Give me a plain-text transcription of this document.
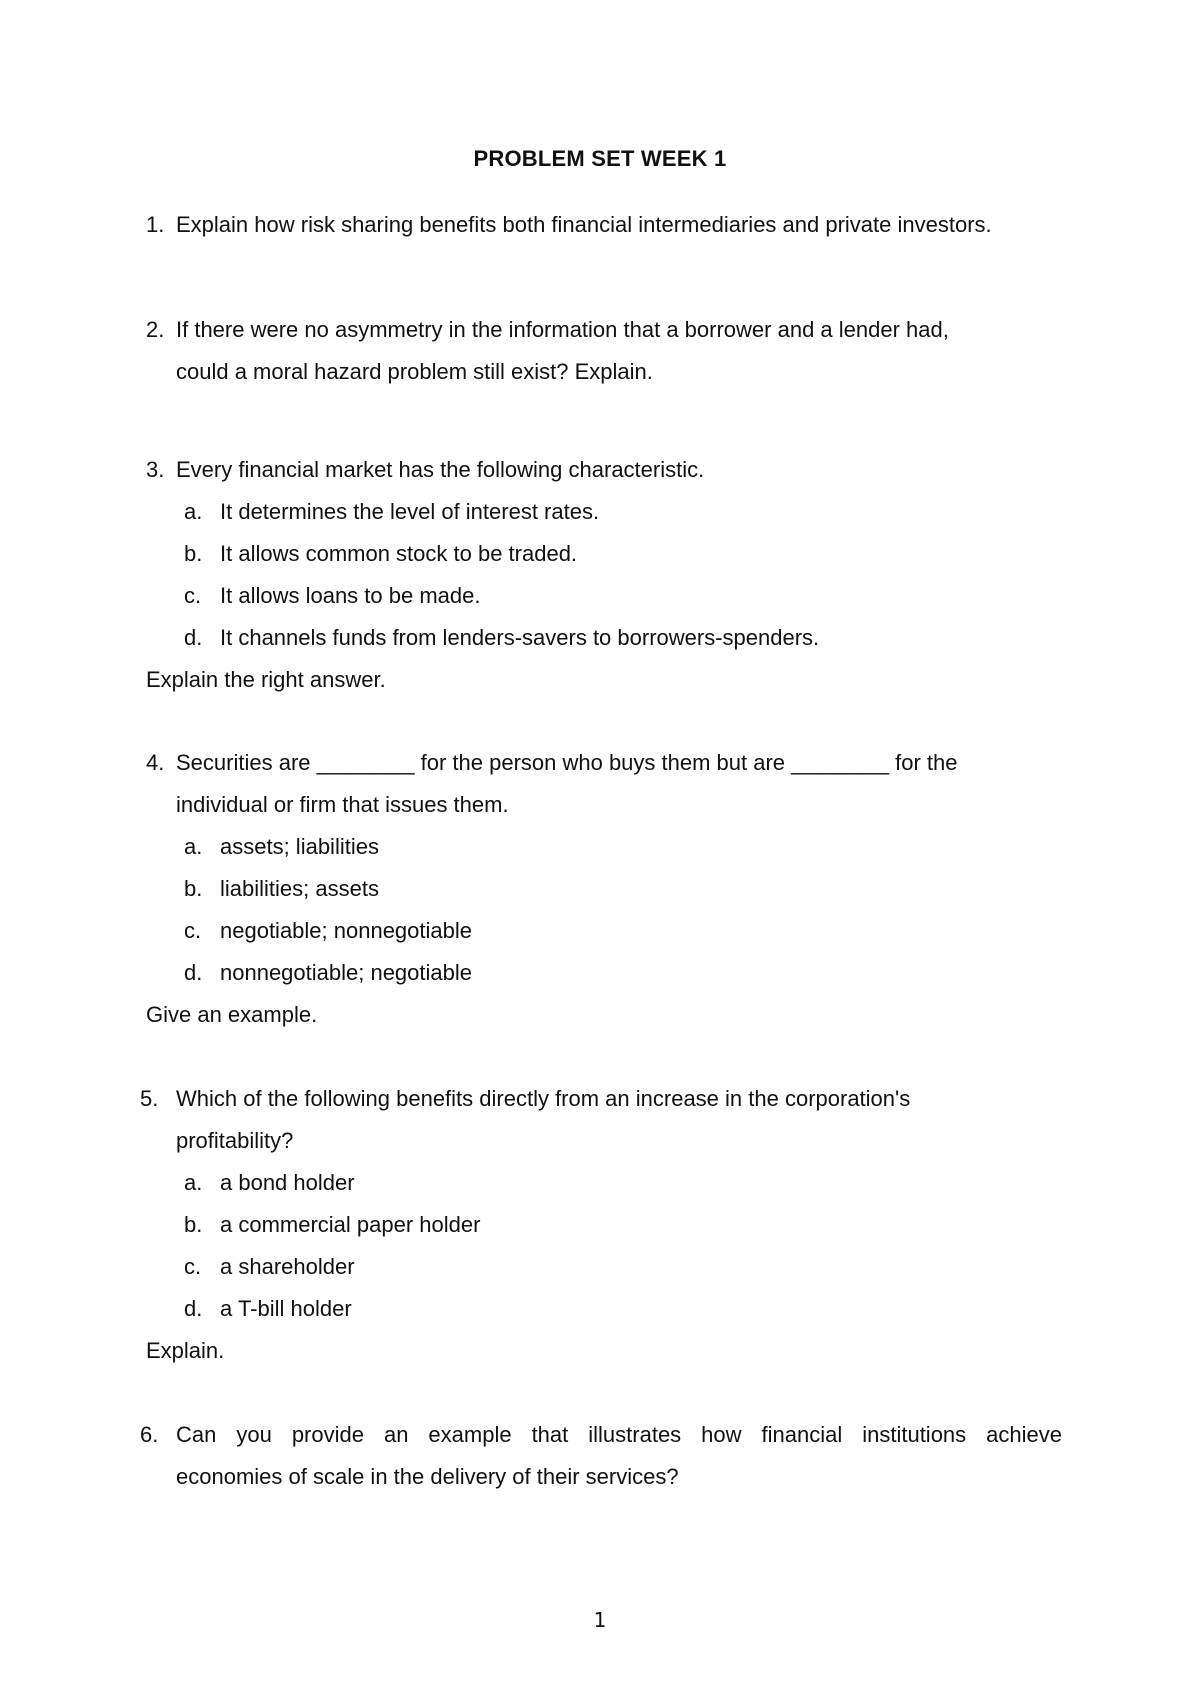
PROBLEM SET WEEK 1
1. Explain how risk sharing benefits both financial intermediaries and private investors.
2. If there were no asymmetry in the information that a borrower and a lender had,
could a moral hazard problem still exist? Explain.
3. Every financial market has the following characteristic.
a. It determines the level of interest rates.
b. It allows common stock to be traded.
c. It allows loans to be made.
d. It channels funds from lenders-savers to borrowers-spenders.
Explain the right answer.
4. Securities are ________ for the person who buys them but are ________ for the
individual or firm that issues them.
a. assets; liabilities
b. liabilities; assets
c. negotiable; nonnegotiable
d. nonnegotiable; negotiable
Give an example.
5. Which of the following benefits directly from an increase in the corporation's
profitability?
a. a bond holder
b. a commercial paper holder
c. a shareholder
d. a T-bill holder
Explain.
6. Can you provide an example that illustrates how financial institutions achieve
economies of scale in the delivery of their services?
1
